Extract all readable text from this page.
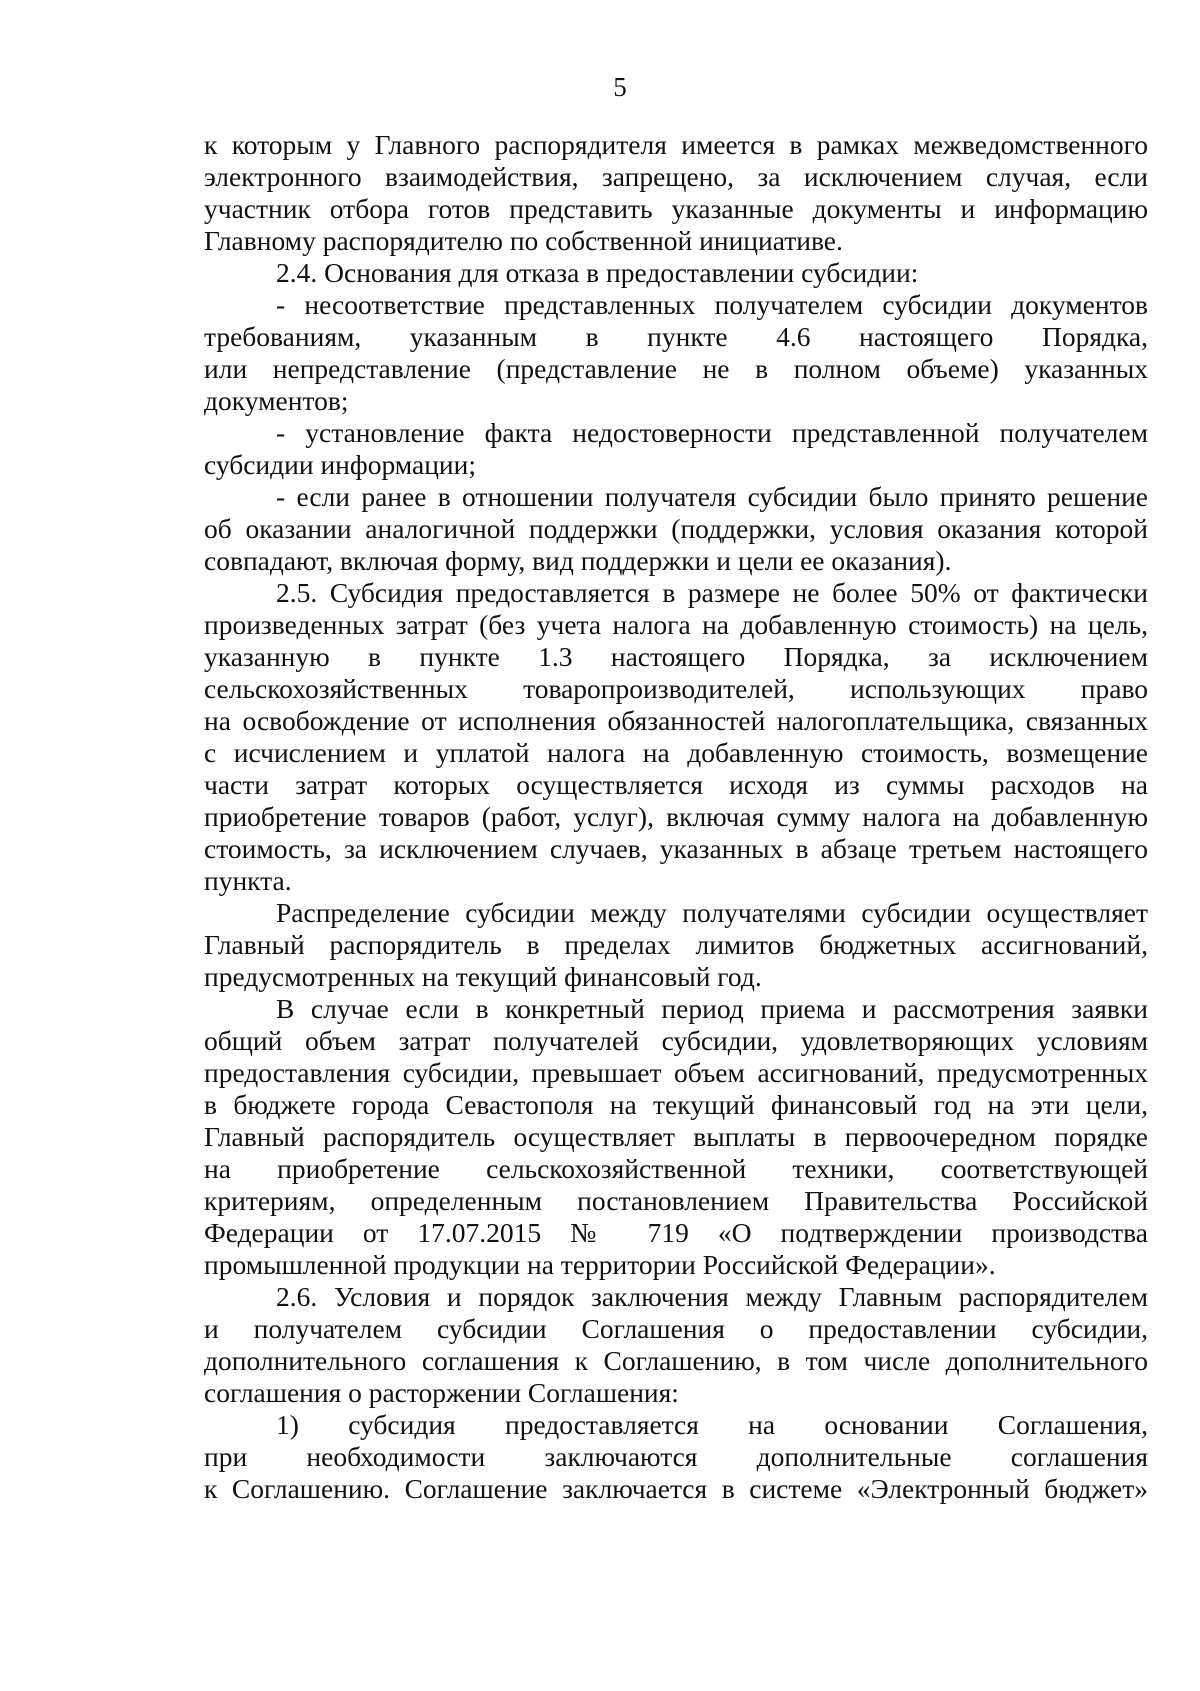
5
к которым у Главного распорядителя имеется в рамках межведомственного
электронного взаимодействия, запрещено, за исключением случая, если
участник отбора готов представить указанные документы и информацию
Главному распорядителю по собственной инициативе.
2.4. Основания для отказа в предоставлении субсидии:
- несоответствие представленных получателем субсидии документов
требованиям, указанным в пункте 4.6 настоящего Порядка,
или непредставление (представление не в полном объеме) указанных
документов;
- установление факта недостоверности представленной получателем
субсидии информации;
- если ранее в отношении получателя субсидии было принято решение
об оказании аналогичной поддержки (поддержки, условия оказания которой
совпадают, включая форму, вид поддержки и цели ее оказания).
2.5. Субсидия предоставляется в размере не более 50% от фактически
произведенных затрат (без учета налога на добавленную стоимость) на цель,
указанную в пункте 1.3 настоящего Порядка, за исключением
сельскохозяйственных товаропроизводителей, использующих право
на освобождение от исполнения обязанностей налогоплательщика, связанных
с исчислением и уплатой налога на добавленную стоимость, возмещение
части затрат которых осуществляется исходя из суммы расходов на
приобретение товаров (работ, услуг), включая сумму налога на добавленную
стоимость, за исключением случаев, указанных в абзаце третьем настоящего
пункта.
Распределение субсидии между получателями субсидии осуществляет
Главный распорядитель в пределах лимитов бюджетных ассигнований,
предусмотренных на текущий финансовый год.
В случае если в конкретный период приема и рассмотрения заявки
общий объем затрат получателей субсидии, удовлетворяющих условиям
предоставления субсидии, превышает объем ассигнований, предусмотренных
в бюджете города Севастополя на текущий финансовый год на эти цели,
Главный распорядитель осуществляет выплаты в первоочередном порядке
на приобретение сельскохозяйственной техники, соответствующей
критериям, определенным постановлением Правительства Российской
Федерации от 17.07.2015 № 719 «О подтверждении производства
промышленной продукции на территории Российской Федерации».
2.6. Условия и порядок заключения между Главным распорядителем
и получателем субсидии Соглашения о предоставлении субсидии,
дополнительного соглашения к Соглашению, в том числе дополнительного
соглашения о расторжении Соглашения:
1) субсидия предоставляется на основании Соглашения,
при необходимости заключаются дополнительные соглашения
к Соглашению. Соглашение заключается в системе «Электронный бюджет»
